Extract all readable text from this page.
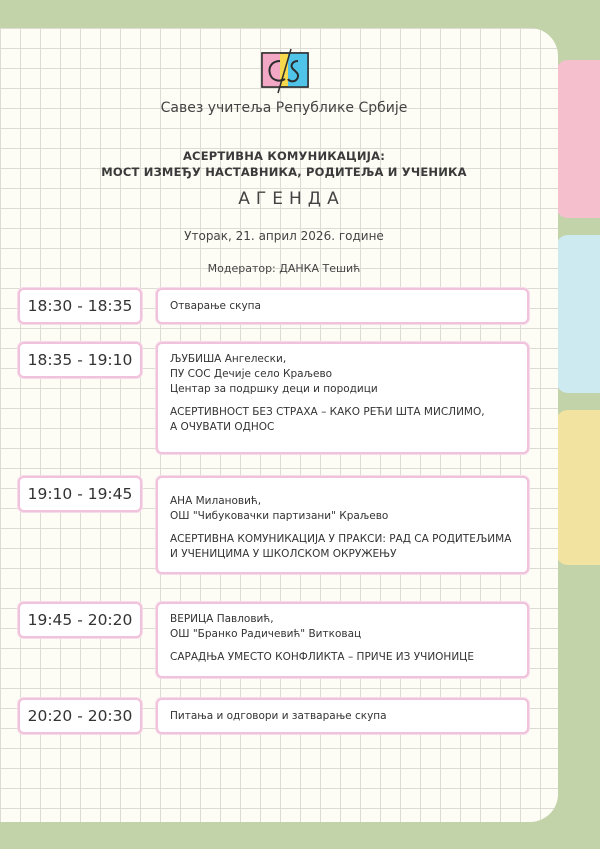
Савез учитеља Републике Србије
АСЕРТИВНА КОМУНИКАЦИЈА:
МОСТ ИЗМЕЂУ НАСТАВНИКА, РОДИТЕЉА И УЧЕНИКА
АГЕНДА
Уторак, 21. април 2026. године
Модератор: ДАНКА Тешић
18:30 - 18:35	Отварање скупа
18:35 - 19:10	ЉУБИША Ангелески,
ПУ СОС Дечије село Краљево
Центар за подршку деци и породици
АСЕРТИВНОСТ БЕЗ СТРАХА – КАКО РЕЋИ ШТА МИСЛИМО,
А ОЧУВАТИ ОДНОС
19:10 - 19:45	АНА Милановић,
ОШ "Чибуковачки партизани" Краљево
АСЕРТИВНА КОМУНИКАЦИЈА У ПРАКСИ: РАД СА РОДИТЕЉИМА
И УЧЕНИЦИМА У ШКОЛСКОМ ОКРУЖЕЊУ
19:45 - 20:20	ВЕРИЦА Павловић,
ОШ "Бранко Радичевић" Витковац
САРАДЊА УМЕСТО КОНФЛИКТА – ПРИЧЕ ИЗ УЧИОНИЦЕ
20:20 - 20:30	Питања и одговори и затварање скупа
